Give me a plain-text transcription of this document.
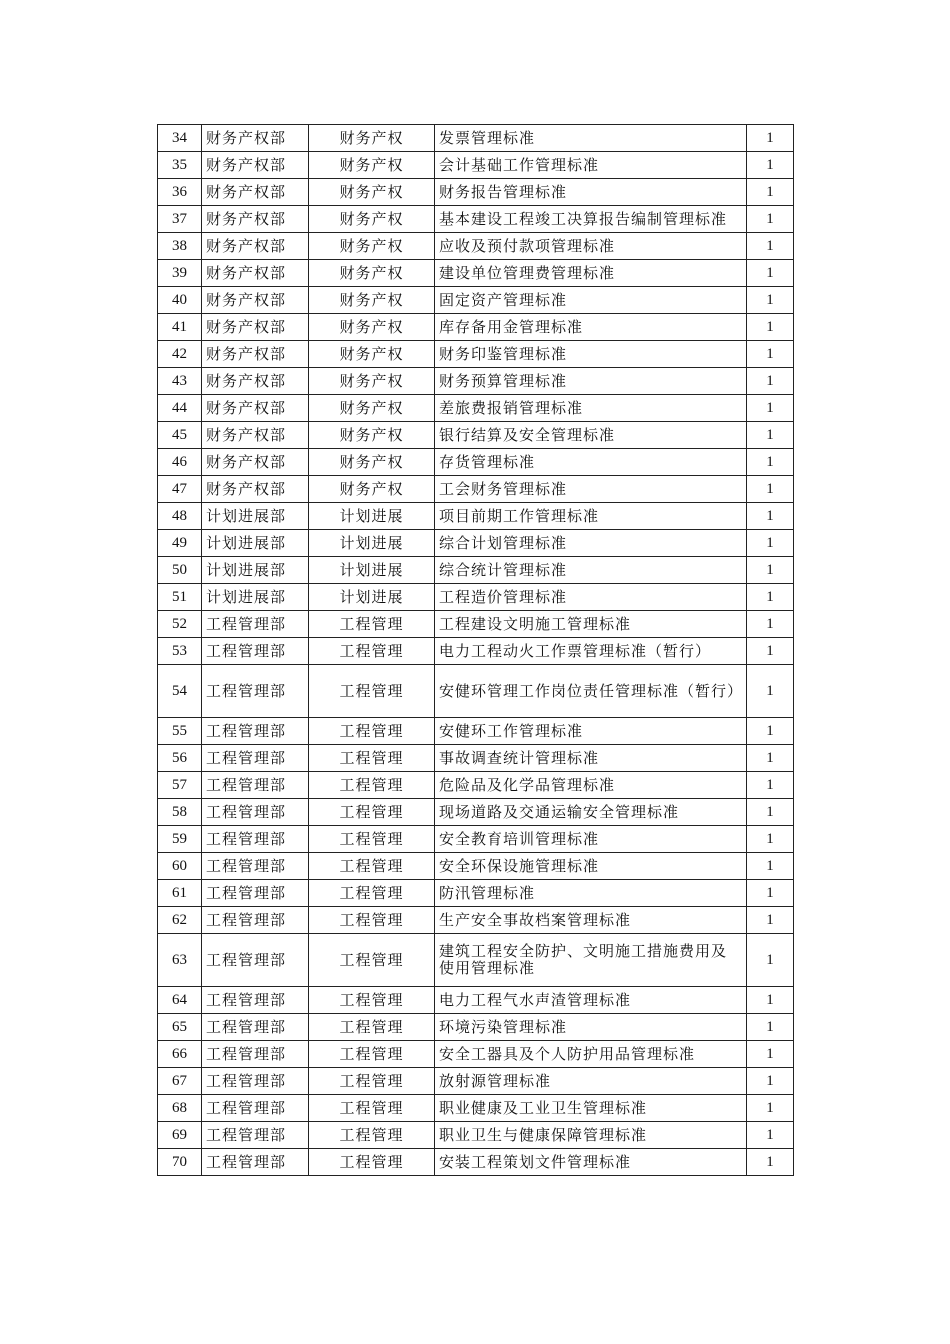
34	财务产权部	财务产权	发票管理标准	1
35	财务产权部	财务产权	会计基础工作管理标准	1
36	财务产权部	财务产权	财务报告管理标准	1
37	财务产权部	财务产权	基本建设工程竣工决算报告编制管理标准	1
38	财务产权部	财务产权	应收及预付款项管理标准	1
39	财务产权部	财务产权	建设单位管理费管理标准	1
40	财务产权部	财务产权	固定资产管理标准	1
41	财务产权部	财务产权	库存备用金管理标准	1
42	财务产权部	财务产权	财务印鉴管理标准	1
43	财务产权部	财务产权	财务预算管理标准	1
44	财务产权部	财务产权	差旅费报销管理标准	1
45	财务产权部	财务产权	银行结算及安全管理标准	1
46	财务产权部	财务产权	存货管理标准	1
47	财务产权部	财务产权	工会财务管理标准	1
48	计划进展部	计划进展	项目前期工作管理标准	1
49	计划进展部	计划进展	综合计划管理标准	1
50	计划进展部	计划进展	综合统计管理标准	1
51	计划进展部	计划进展	工程造价管理标准	1
52	工程管理部	工程管理	工程建设文明施工管理标准	1
53	工程管理部	工程管理	电力工程动火工作票管理标准（暂行）	1
54	工程管理部	工程管理	安健环管理工作岗位责任管理标准（暂行）	1
55	工程管理部	工程管理	安健环工作管理标准	1
56	工程管理部	工程管理	事故调查统计管理标准	1
57	工程管理部	工程管理	危险品及化学品管理标准	1
58	工程管理部	工程管理	现场道路及交通运输安全管理标准	1
59	工程管理部	工程管理	安全教育培训管理标准	1
60	工程管理部	工程管理	安全环保设施管理标准	1
61	工程管理部	工程管理	防汛管理标准	1
62	工程管理部	工程管理	生产安全事故档案管理标准	1
63	工程管理部	工程管理	建筑工程安全防护、文明施工措施费用及使用管理标准	1
64	工程管理部	工程管理	电力工程气水声渣管理标准	1
65	工程管理部	工程管理	环境污染管理标准	1
66	工程管理部	工程管理	安全工器具及个人防护用品管理标准	1
67	工程管理部	工程管理	放射源管理标准	1
68	工程管理部	工程管理	职业健康及工业卫生管理标准	1
69	工程管理部	工程管理	职业卫生与健康保障管理标准	1
70	工程管理部	工程管理	安装工程策划文件管理标准	1
